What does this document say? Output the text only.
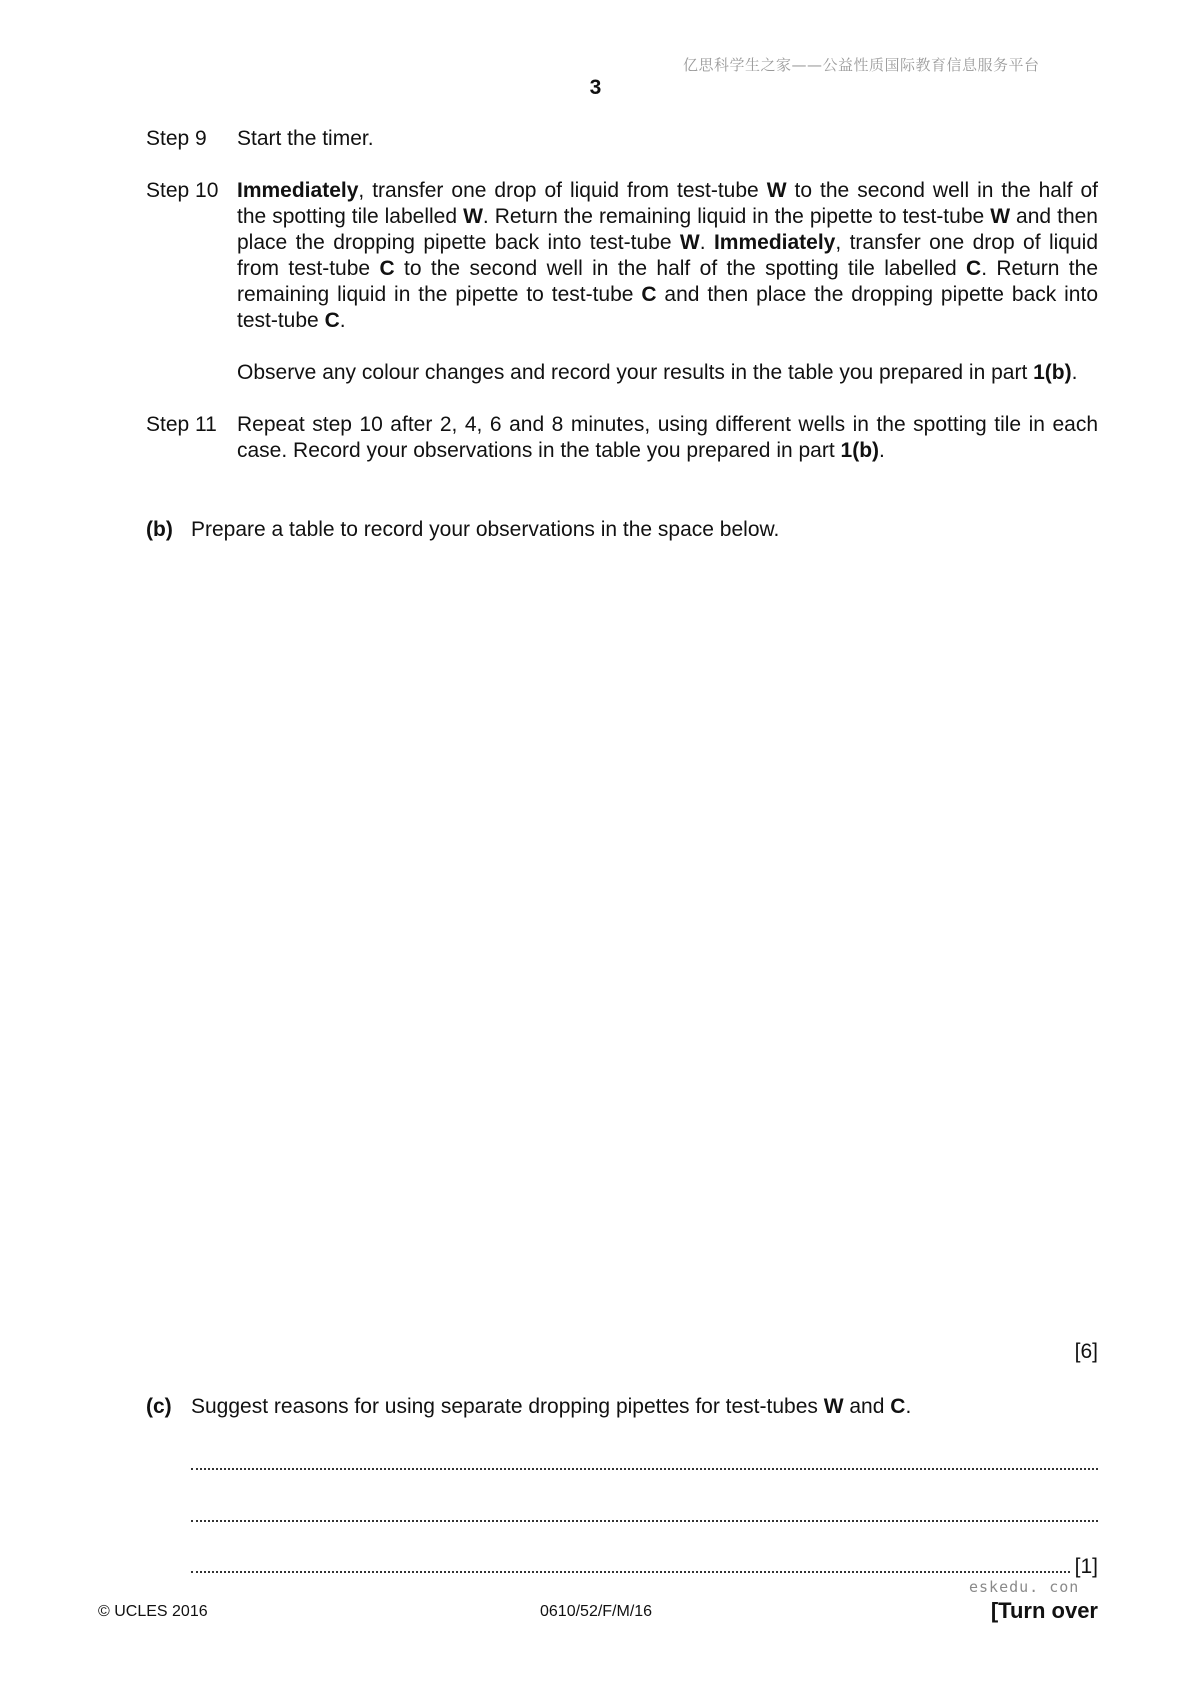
亿思科学生之家——公益性质国际教育信息服务平台
3
Step 9	Start the timer.

Step 10 Immediately, transfer one drop of liquid from test-tube W to the second well in the half of the spotting tile labelled W. Return the remaining liquid in the pipette to test-tube W and then place the dropping pipette back into test-tube W. Immediately, transfer one drop of liquid from test-tube C to the second well in the half of the spotting tile labelled C. Return the remaining liquid in the pipette to test-tube C and then place the dropping pipette back into test-tube C.

Observe any colour changes and record your results in the table you prepared in part 1(b).

Step 11 Repeat step 10 after 2, 4, 6 and 8 minutes, using different wells in the spotting tile in each case. Record your observations in the table you prepared in part 1(b).

(b) Prepare a table to record your observations in the space below.
[6]
(c) Suggest reasons for using separate dropping pipettes for test-tubes W and C.
[1]
eskedu. con
© UCLES 2016	0610/52/F/M/16	[Turn over
